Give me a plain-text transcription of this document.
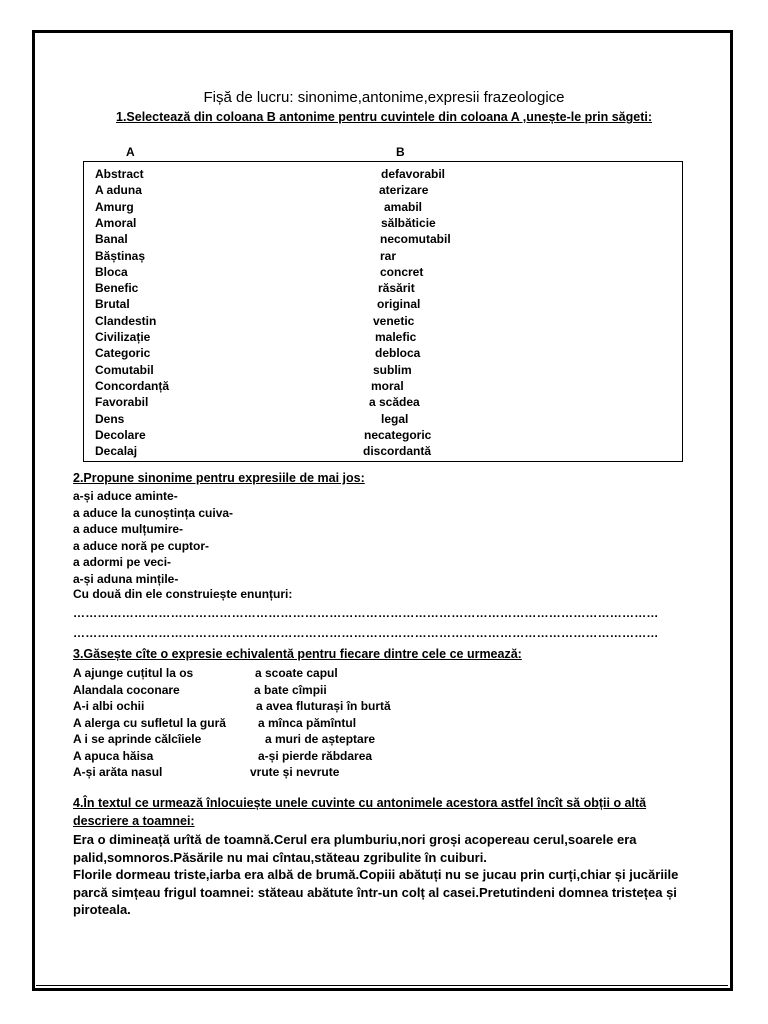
Fișă de lucru: sinonime,antonime,expresii frazeologice
1.Selectează din coloana B antonime pentru cuvintele din coloana A ,unește-le prin săgeti:
A	B
Abstract	defavorabil
A aduna	aterizare
Amurg	amabil
Amoral	sălbăticie
Banal	necomutabil
Băștinaș	rar
Bloca	concret
Benefic	răsărit
Brutal	original
Clandestin	venetic
Civilizație	malefic
Categoric	debloca
Comutabil	sublim
Concordanță	moral
Favorabil	a scădea
Dens	legal
Decolare	necategoric
Decalaj	discordantă
2.Propune sinonime pentru expresiile de mai jos:
a-și aduce aminte-
a aduce la cunoștința cuiva-
a aduce mulțumire-
a aduce noră pe cuptor-
a adormi pe veci-
a-și aduna mințile-
Cu două din ele construiește enunțuri:
………………………………………………………………………………………………………………………………
………………………………………………………………………………………………………………………………
3.Găsește cîte o expresie echivalentă pentru fiecare dintre cele ce urmează:
A ajunge cuțitul la os	a scoate capul
Alandala coconare	a bate cîmpii
A-i albi ochii	a avea fluturași în burtă
A alerga cu sufletul la gură	a mînca pămîntul
A i se aprinde călcîiele	a muri de așteptare
A apuca hăisa	a-și pierde răbdarea
A-și arăta nasul	vrute și nevrute
4.În textul ce urmează înlocuiește unele cuvinte cu antonimele acestora astfel încît să obții o altă
descriere a toamnei:
Era o dimineață urîtă de toamnă.Cerul era plumburiu,nori groși acopereau cerul,soarele era palid,somnoros.Păsările nu mai cîntau,stăteau zgribulite în cuiburi.
Florile dormeau triste,iarba era albă de brumă.Copiii abătuți nu se jucau prin curți,chiar și jucăriile parcă simțeau frigul toamnei: stăteau abătute într-un colț al casei.Pretutindeni domnea tristețea și piroteala.
